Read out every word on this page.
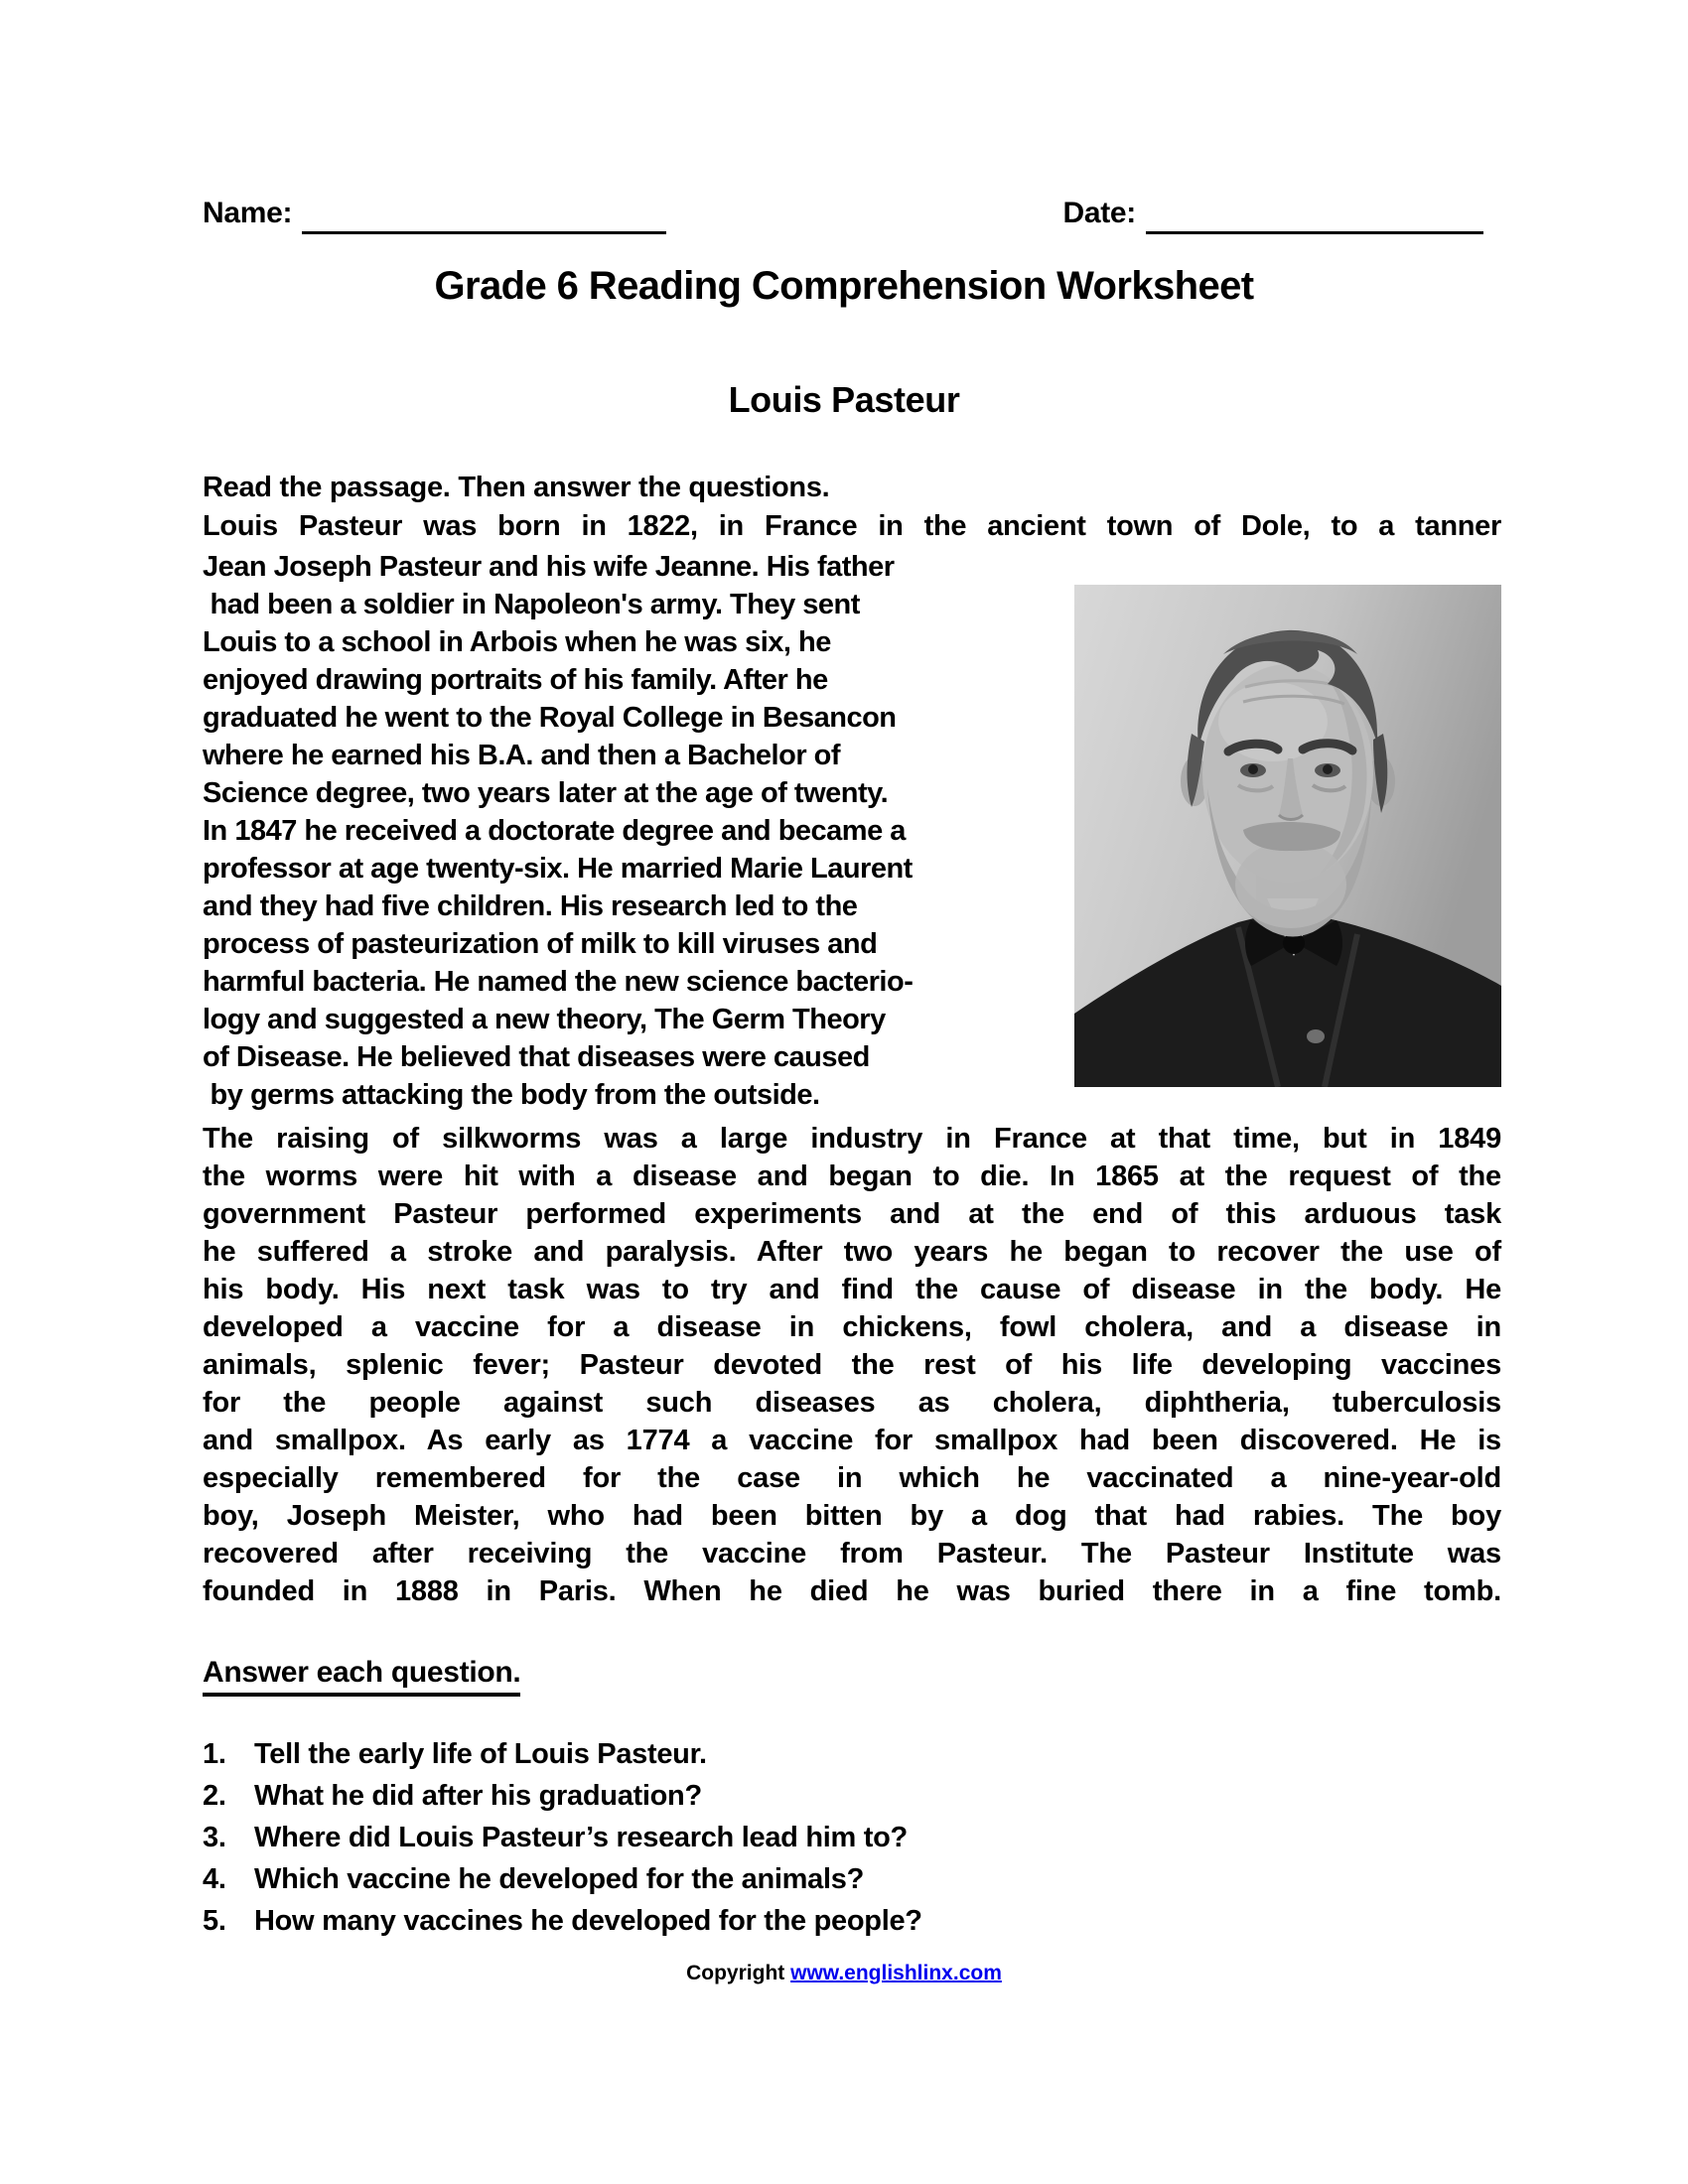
Name:	Date:
Grade 6 Reading Comprehension Worksheet
Louis Pasteur
Read the passage. Then answer the questions.
Louis Pasteur was born in 1822, in France in the ancient town of Dole, to a tanner
Jean Joseph Pasteur and his wife Jeanne. His father
had been a soldier in Napoleon's army. They sent
Louis to a school in Arbois when he was six, he
enjoyed drawing portraits of his family. After he
graduated he went to the Royal College in Besancon
where he earned his B.A. and then a Bachelor of
Science degree, two years later at the age of twenty.
In 1847 he received a doctorate degree and became a
professor at age twenty-six. He married Marie Laurent
and they had five children. His research led to the
process of pasteurization of milk to kill viruses and
harmful bacteria. He named the new science bacterio-
logy and suggested a new theory, The Germ Theory
of Disease. He believed that diseases were caused
by germs attacking the body from the outside.
The raising of silkworms was a large industry in France at that time, but in 1849
the worms were hit with a disease and began to die. In 1865 at the request of the
government Pasteur performed experiments and at the end of this arduous task
he suffered a stroke and paralysis. After two years he began to recover the use of
his body. His next task was to try and find the cause of disease in the body. He
developed a vaccine for a disease in chickens, fowl cholera, and a disease in
animals, splenic fever; Pasteur devoted the rest of his life developing vaccines
for the people against such diseases as cholera, diphtheria, tuberculosis
and smallpox. As early as 1774 a vaccine for smallpox had been discovered. He is
especially remembered for the case in which he vaccinated a nine-year-old
boy, Joseph Meister, who had been bitten by a dog that had rabies. The boy
recovered after receiving the vaccine from Pasteur. The Pasteur Institute was
founded in 1888 in Paris. When he died he was buried there in a fine tomb.
Answer each question.
1. Tell the early life of Louis Pasteur.
2. What he did after his graduation?
3. Where did Louis Pasteur’s research lead him to?
4. Which vaccine he developed for the animals?
5. How many vaccines he developed for the people?
Copyright www.englishlinx.com
